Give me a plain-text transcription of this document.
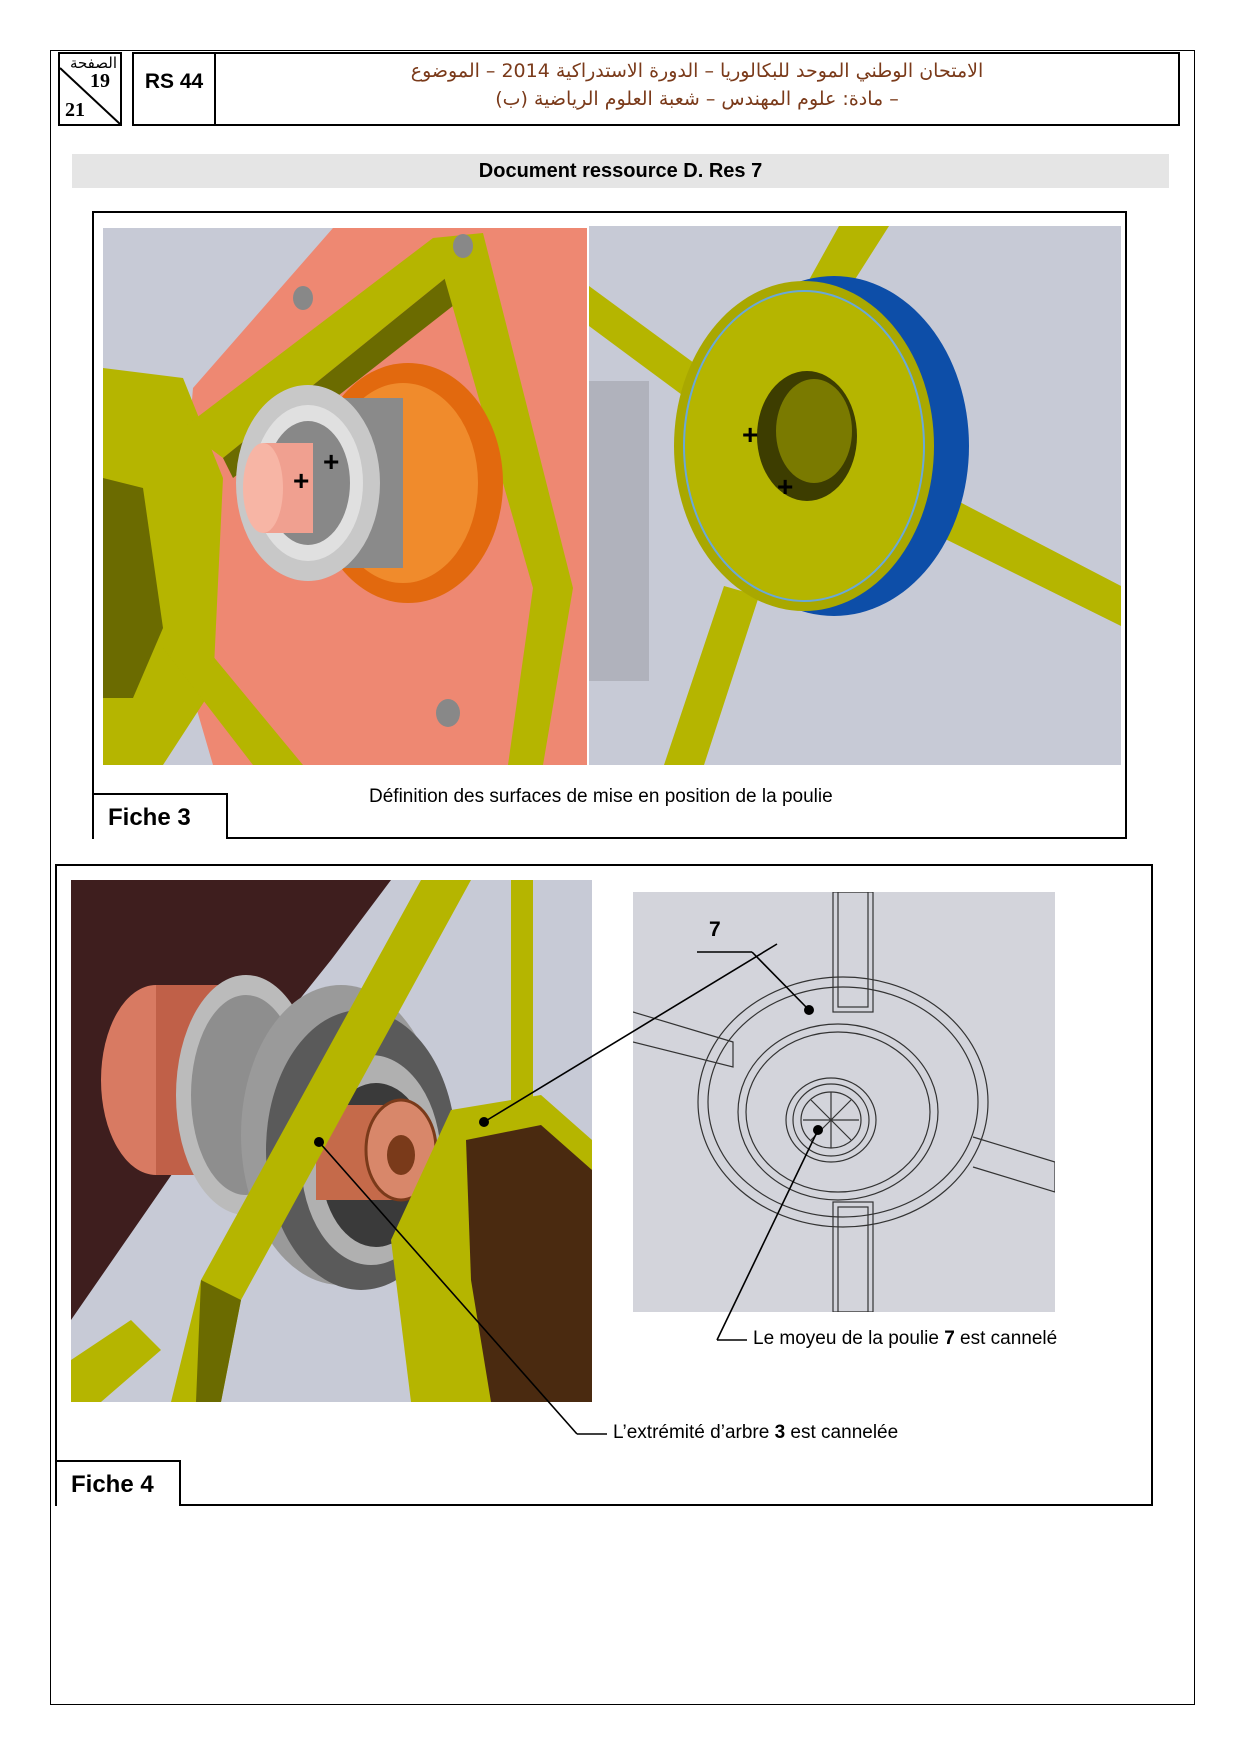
الصفحة
19
21
RS 44	الامتحان الوطني الموحد للبكالوريا – الدورة الاستدراكية 2014 – الموضوع
– مادة: علوم المهندس – شعبة العلوم الرياضية (ب)
Document ressource D. Res 7
+
+
+
+
Définition des surfaces de mise en position de la poulie
Fiche 3
7
Le moyeu de la poulie 7 est cannelé
L’extrémité d’arbre 3 est cannelée
Fiche 4
